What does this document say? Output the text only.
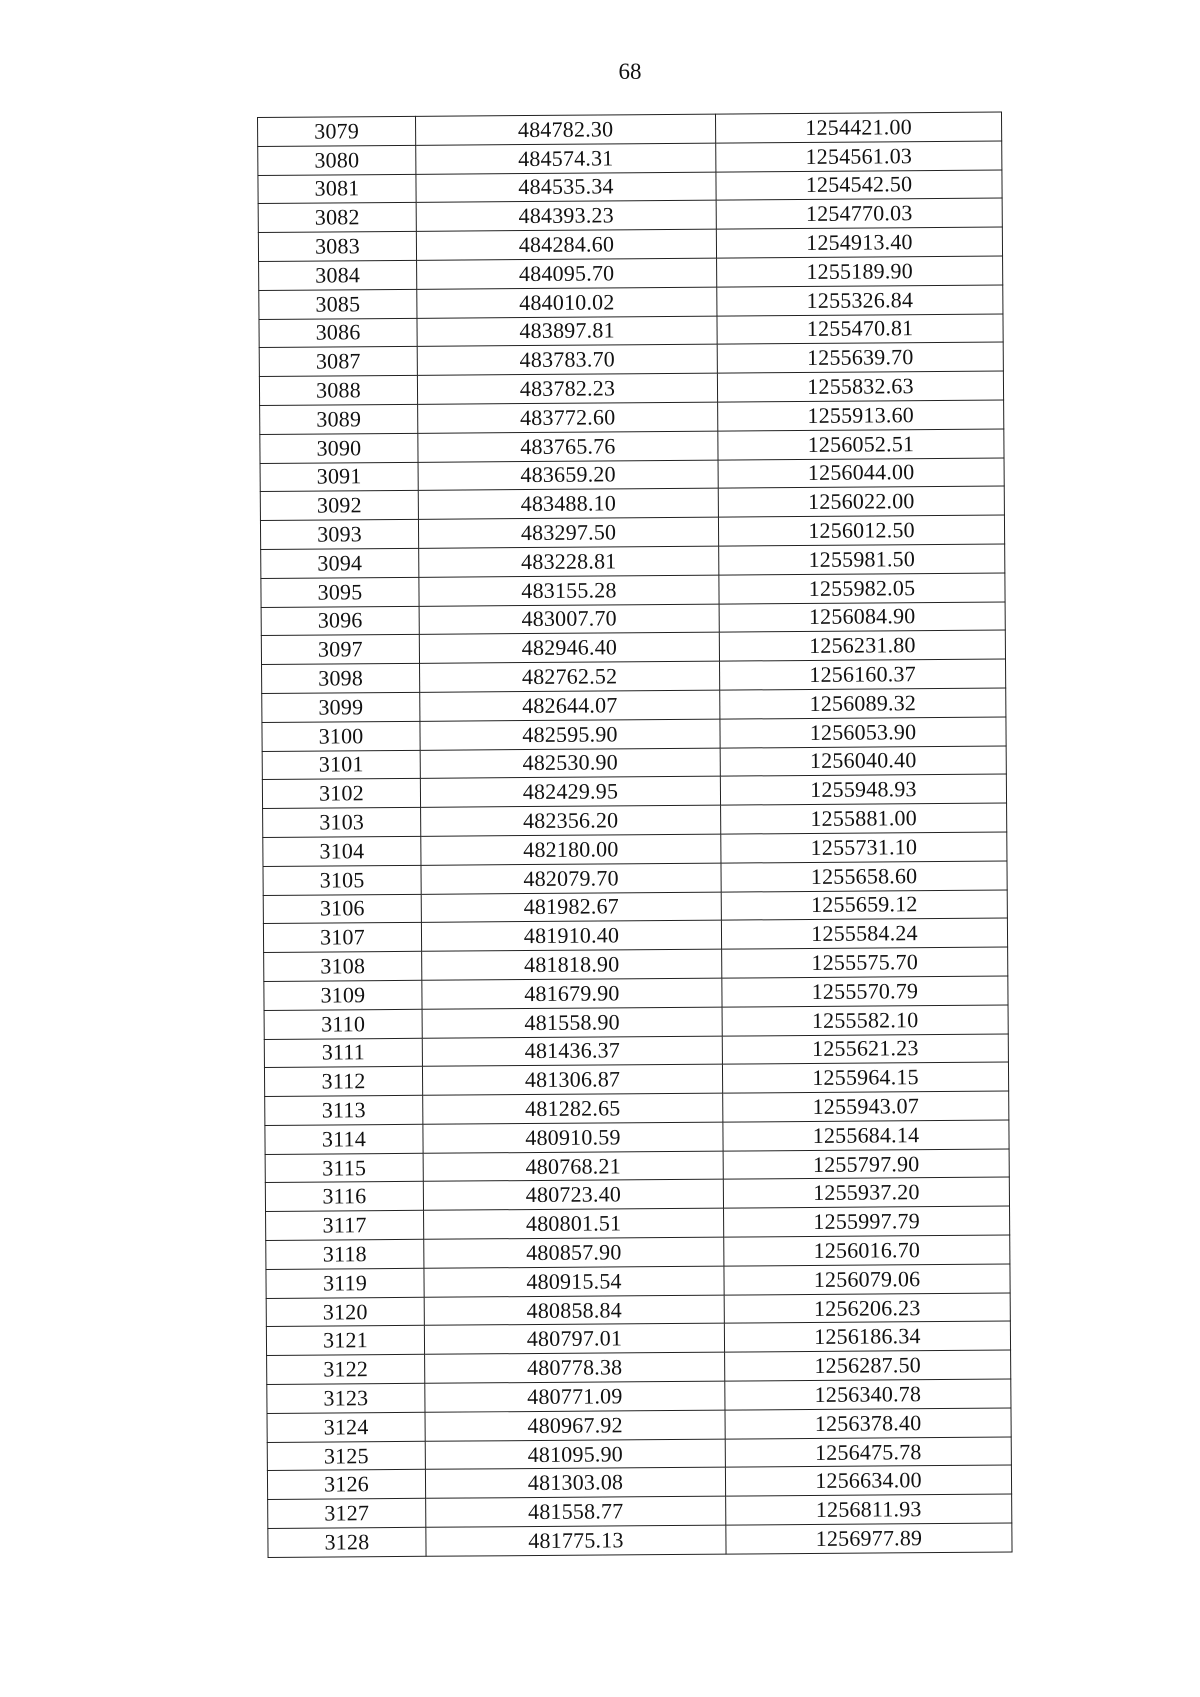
68
3079	484782.30	1254421.00
3080	484574.31	1254561.03
3081	484535.34	1254542.50
3082	484393.23	1254770.03
3083	484284.60	1254913.40
3084	484095.70	1255189.90
3085	484010.02	1255326.84
3086	483897.81	1255470.81
3087	483783.70	1255639.70
3088	483782.23	1255832.63
3089	483772.60	1255913.60
3090	483765.76	1256052.51
3091	483659.20	1256044.00
3092	483488.10	1256022.00
3093	483297.50	1256012.50
3094	483228.81	1255981.50
3095	483155.28	1255982.05
3096	483007.70	1256084.90
3097	482946.40	1256231.80
3098	482762.52	1256160.37
3099	482644.07	1256089.32
3100	482595.90	1256053.90
3101	482530.90	1256040.40
3102	482429.95	1255948.93
3103	482356.20	1255881.00
3104	482180.00	1255731.10
3105	482079.70	1255658.60
3106	481982.67	1255659.12
3107	481910.40	1255584.24
3108	481818.90	1255575.70
3109	481679.90	1255570.79
3110	481558.90	1255582.10
3111	481436.37	1255621.23
3112	481306.87	1255964.15
3113	481282.65	1255943.07
3114	480910.59	1255684.14
3115	480768.21	1255797.90
3116	480723.40	1255937.20
3117	480801.51	1255997.79
3118	480857.90	1256016.70
3119	480915.54	1256079.06
3120	480858.84	1256206.23
3121	480797.01	1256186.34
3122	480778.38	1256287.50
3123	480771.09	1256340.78
3124	480967.92	1256378.40
3125	481095.90	1256475.78
3126	481303.08	1256634.00
3127	481558.77	1256811.93
3128	481775.13	1256977.89
